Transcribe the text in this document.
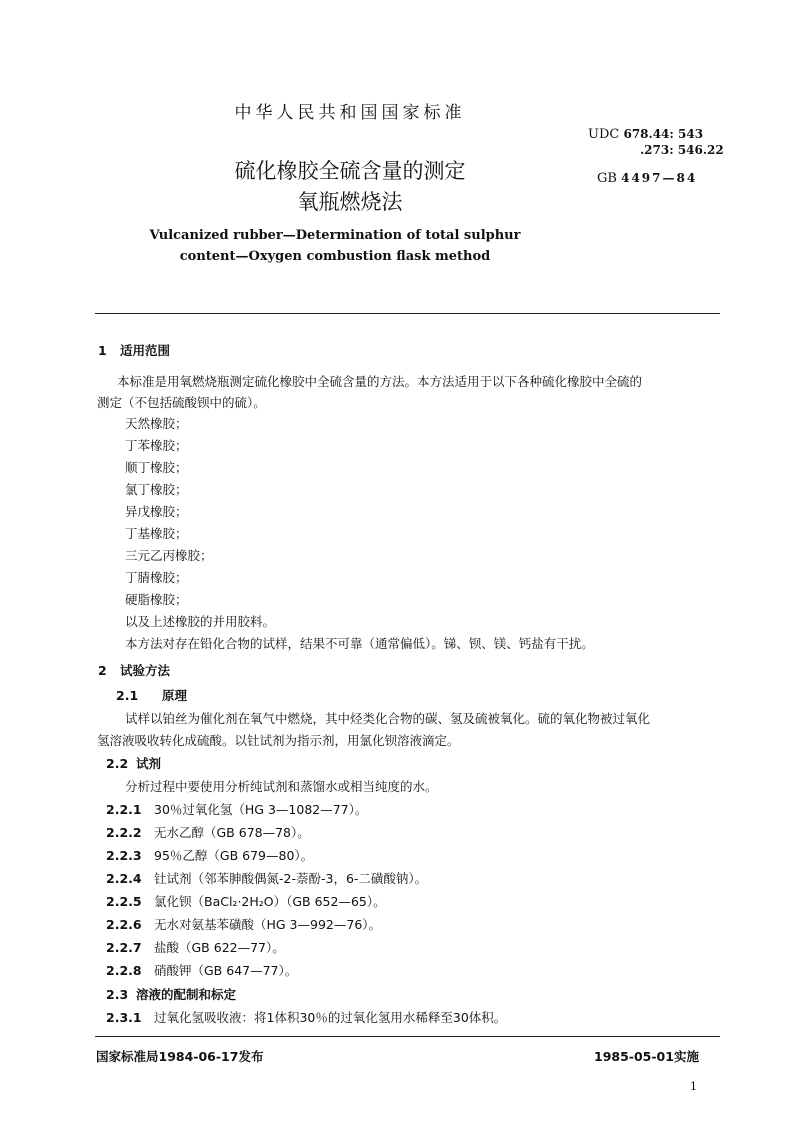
中华人民共和国国家标准
UDC 678.44: 543
.273: 546.22
GB 4497—84
硫化橡胶全硫含量的测定
氧瓶燃烧法
Vulcanized rubber—Determination of total sulphur
content—Oxygen combustion flask method
1 适用范围
本标准是用氧燃烧瓶测定硫化橡胶中全硫含量的方法。本方法适用于以下各种硫化橡胶中全硫的
测定（不包括硫酸钡中的硫）。
天然橡胶；
丁苯橡胶；
顺丁橡胶；
氯丁橡胶；
异戊橡胶；
丁基橡胶；
三元乙丙橡胶；
丁腈橡胶；
硬脂橡胶；
以及上述橡胶的并用胶料。
本方法对存在铅化合物的试样，结果不可靠（通常偏低）。锑、钡、镁、钙盐有干扰。
2 试验方法
2.1 原理
试样以铂丝为催化剂在氧气中燃烧，其中烃类化合物的碳、氢及硫被氧化。硫的氧化物被过氧化
氢溶液吸收转化成硫酸。以钍试剂为指示剂，用氯化钡溶液滴定。
2.2 试剂
分析过程中要使用分析纯试剂和蒸馏水或相当纯度的水。
2.2.1 30％过氧化氢（HG 3—1082—77）。
2.2.2 无水乙醇（GB 678—78）。
2.2.3 95％乙醇（GB 679—80）。
2.2.4 钍试剂（邻苯胂酸偶氮-2-萘酚-3，6-二磺酸钠）。
2.2.5 氯化钡（BaCl₂·2H₂O）（GB 652—65）。
2.2.6 无水对氨基苯磺酸（HG 3—992—76）。
2.2.7 盐酸（GB 622—77）。
2.2.8 硝酸钾（GB 647—77）。
2.3 溶液的配制和标定
2.3.1 过氧化氢吸收液：将1体积30％的过氧化氢用水稀释至30体积。
国家标准局1984-06-17发布	1985-05-01实施
1
